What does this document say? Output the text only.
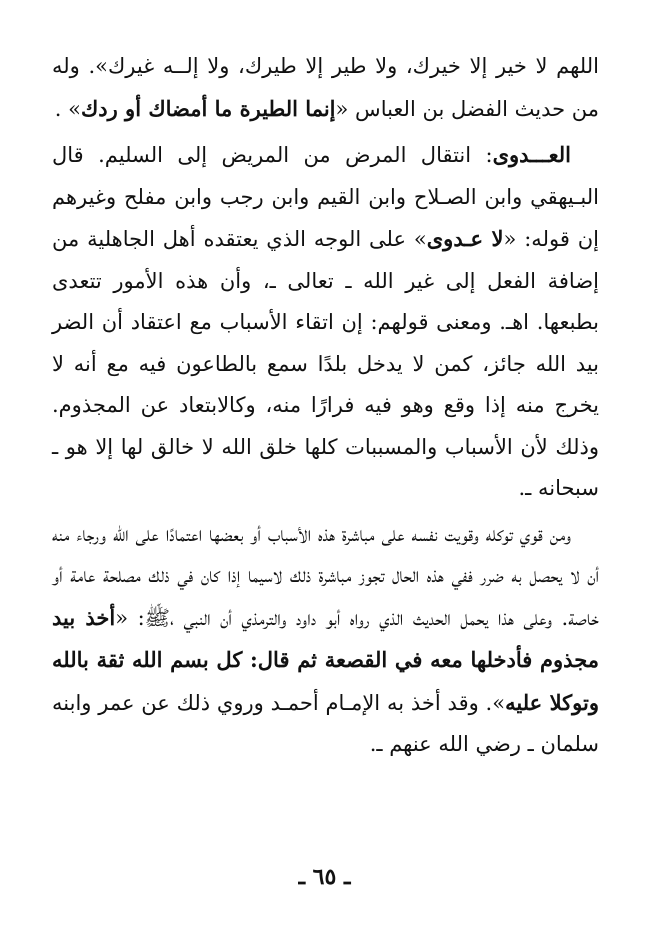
اللهم لا خير إلا خيرك، ولا طير إلا طيرك، ولا إلــه غيرك». وله من حديث الفضل بن العباس «إنما الطيرة ما أمضاك أو ردك» .

العـــدوى: انتقال المرض من المريض إلى السليم. قال البـيهقي وابن الصـلاح وابن القيم وابن رجب وابن مفلح وغيرهم إن قوله: «لا عـدوى» على الوجه الذي يعتقده أهل الجاهلية من إضافة الفعل إلى غير الله ـ تعالى ـ، وأن هذه الأمور تتعدى بطبعها. اهـ. ومعنى قولهم: إن اتقاء الأسباب مع اعتقاد أن الضر بيد الله جائز، كمن لا يدخل بلدًا سمع بالطاعون فيه مع أنه لا يخرج منه إذا وقع وهو فيه فرارًا منه، وكالابتعاد عن المجذوم. وذلك لأن الأسباب والمسببات كلها خلق الله لا خالق لها إلا هو ـ سبحانه ـ.

ومن قوي توكله وقويت نفسه على مباشرة هذه الأسباب أو بعضها اعتمادًا على الله ورجاء منه أن لا يحصل به ضرر ففي هذه الحال تجوز مباشرة ذلك لاسيما إذا كان في ذلك مصلحة عامة أو خاصة. وعلى هذا يحمل الحديث الذي رواه أبو داود والترمذي أن النبي ،ﷺ: «أخذ بيد مجذوم فأدخلها معه في القصعة ثم قال: كل بسم الله ثقة بالله وتوكلا عليه». وقد أخذ به الإمـام أحمـد وروي ذلك عن عمر وابنه سلمان ـ رضي الله عنهم ـ.

ـ ٦٥ ـ
